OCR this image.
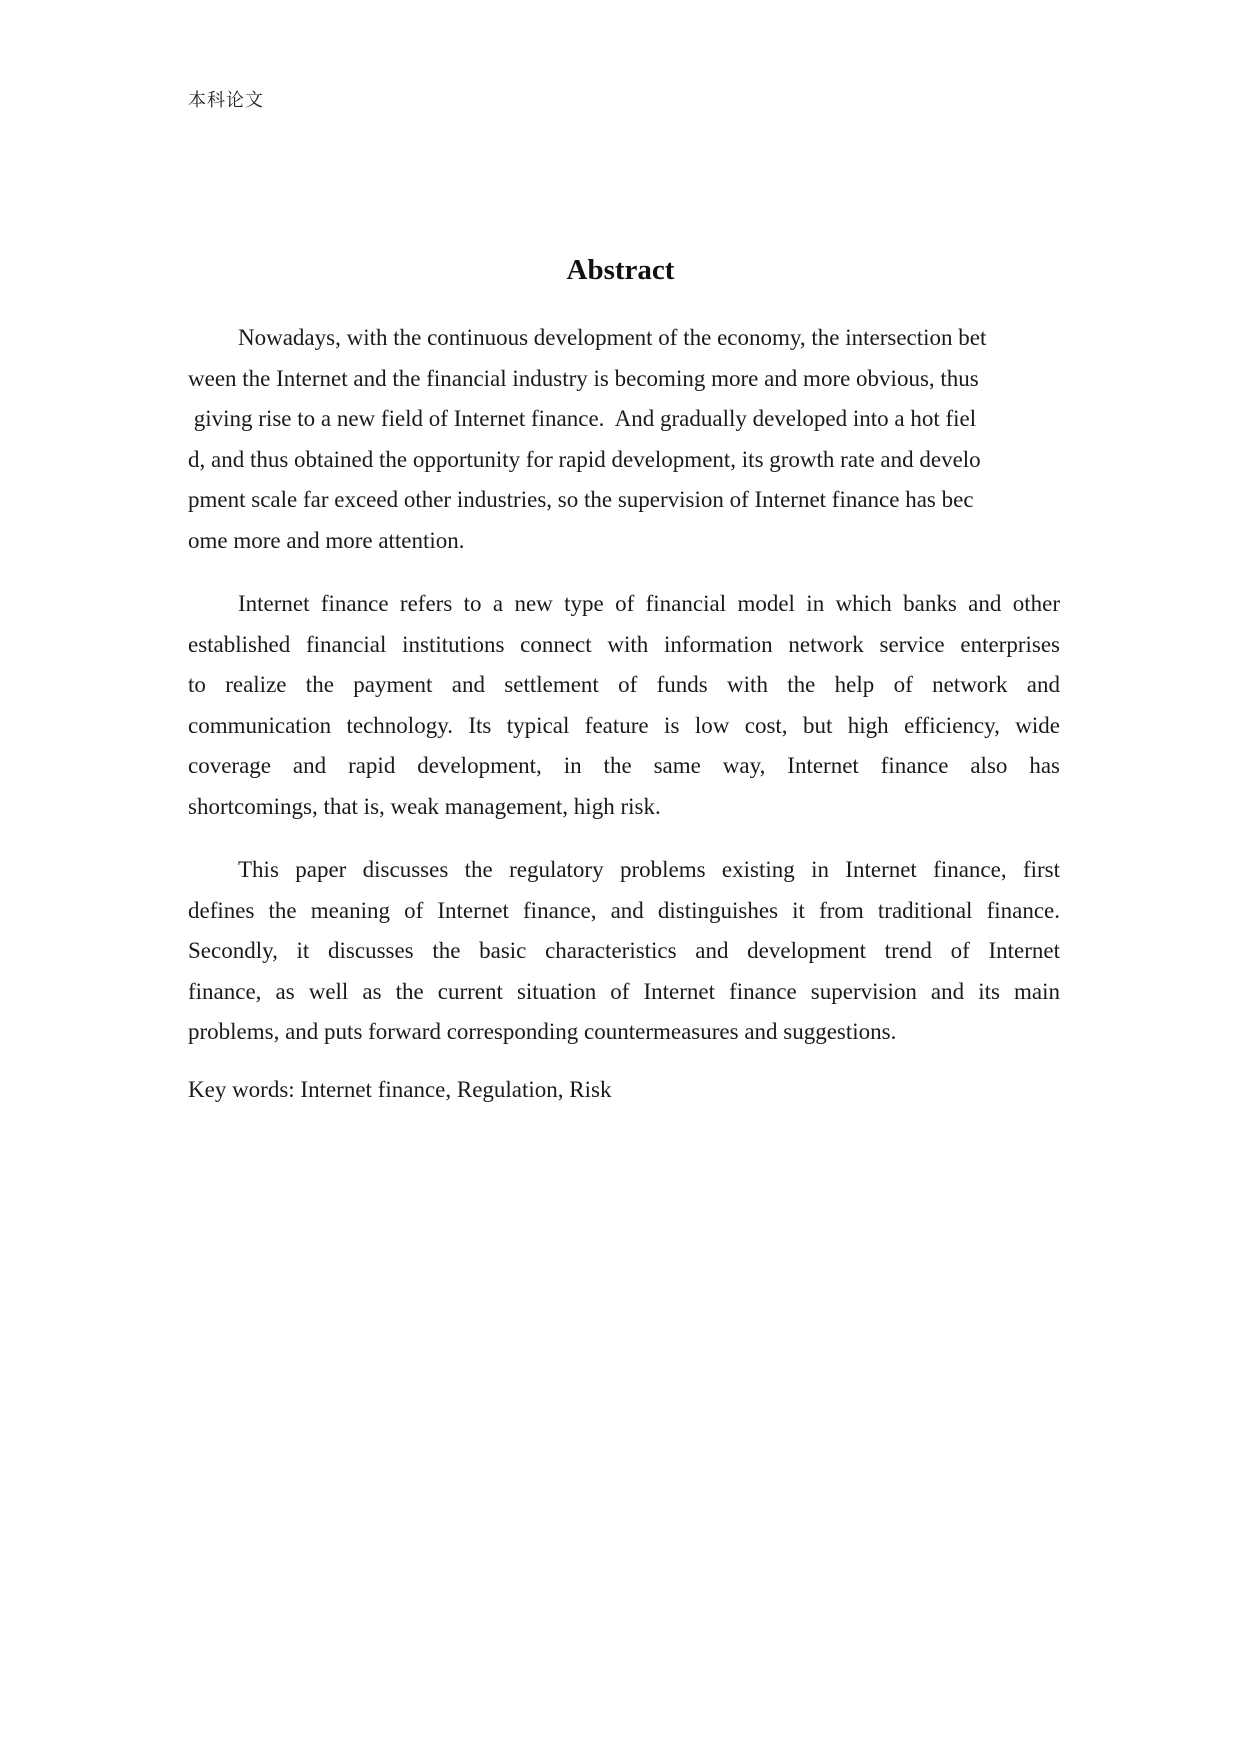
本科论文
Abstract
Nowadays, with the continuous development of the economy, the intersection bet
ween the Internet and the financial industry is becoming more and more obvious, thus
giving rise to a new field of Internet finance.  And gradually developed into a hot fiel
d, and thus obtained the opportunity for rapid development, its growth rate and develo
pment scale far exceed other industries, so the supervision of Internet finance has bec
ome more and more attention.
Internet finance refers to a new type of financial model in which banks and other
established financial institutions connect with information network service enterprises
to realize the payment and settlement of funds with the help of network and
communication technology. Its typical feature is low cost, but high efficiency, wide
coverage and rapid development, in the same way, Internet finance also has
shortcomings, that is, weak management, high risk.
This paper discusses the regulatory problems existing in Internet finance, first
defines the meaning of Internet finance, and distinguishes it from traditional finance.
Secondly, it discusses the basic characteristics and development trend of Internet
finance, as well as the current situation of Internet finance supervision and its main
problems, and puts forward corresponding countermeasures and suggestions.
Key words: Internet finance, Regulation, Risk
